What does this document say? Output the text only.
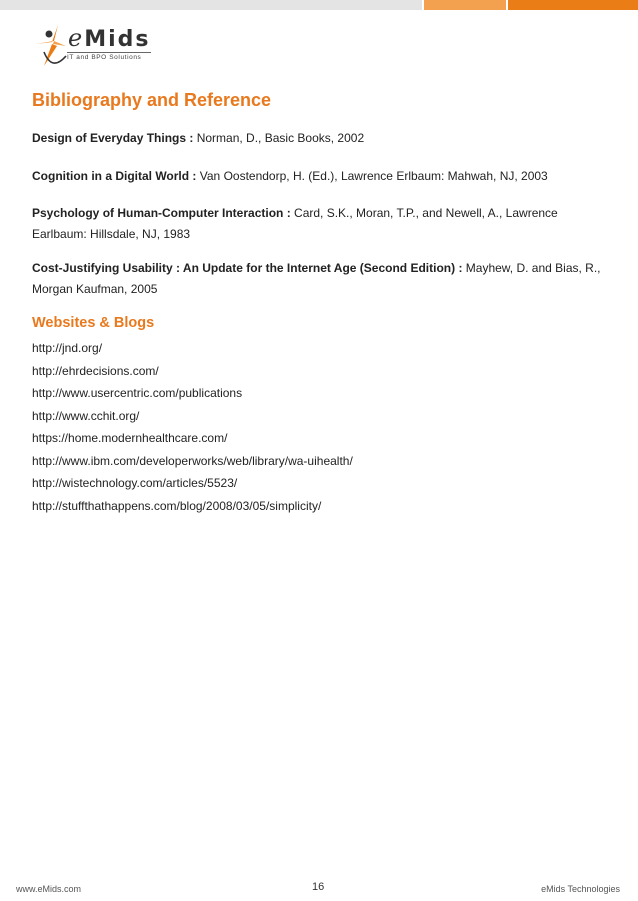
eMids
IT and BPO Solutions
Bibliography and Reference
Design of Everyday Things : Norman, D., Basic Books, 2002
Cognition in a Digital World : Van Oostendorp, H. (Ed.), Lawrence Erlbaum: Mahwah, NJ, 2003
Psychology of Human-Computer Interaction : Card, S.K., Moran, T.P., and Newell, A., Lawrence Earlbaum: Hillsdale, NJ, 1983
Cost-Justifying Usability : An Update for the Internet Age (Second Edition) : Mayhew, D. and Bias, R., Morgan Kaufman, 2005
Websites & Blogs
http://jnd.org/
http://ehrdecisions.com/
http://www.usercentric.com/publications
http://www.cchit.org/
https://home.modernhealthcare.com/
http://www.ibm.com/developerworks/web/library/wa-uihealth/
http://wistechnology.com/articles/5523/
http://stuffthathappens.com/blog/2008/03/05/simplicity/
www.eMids.com	16	eMids Technologies
